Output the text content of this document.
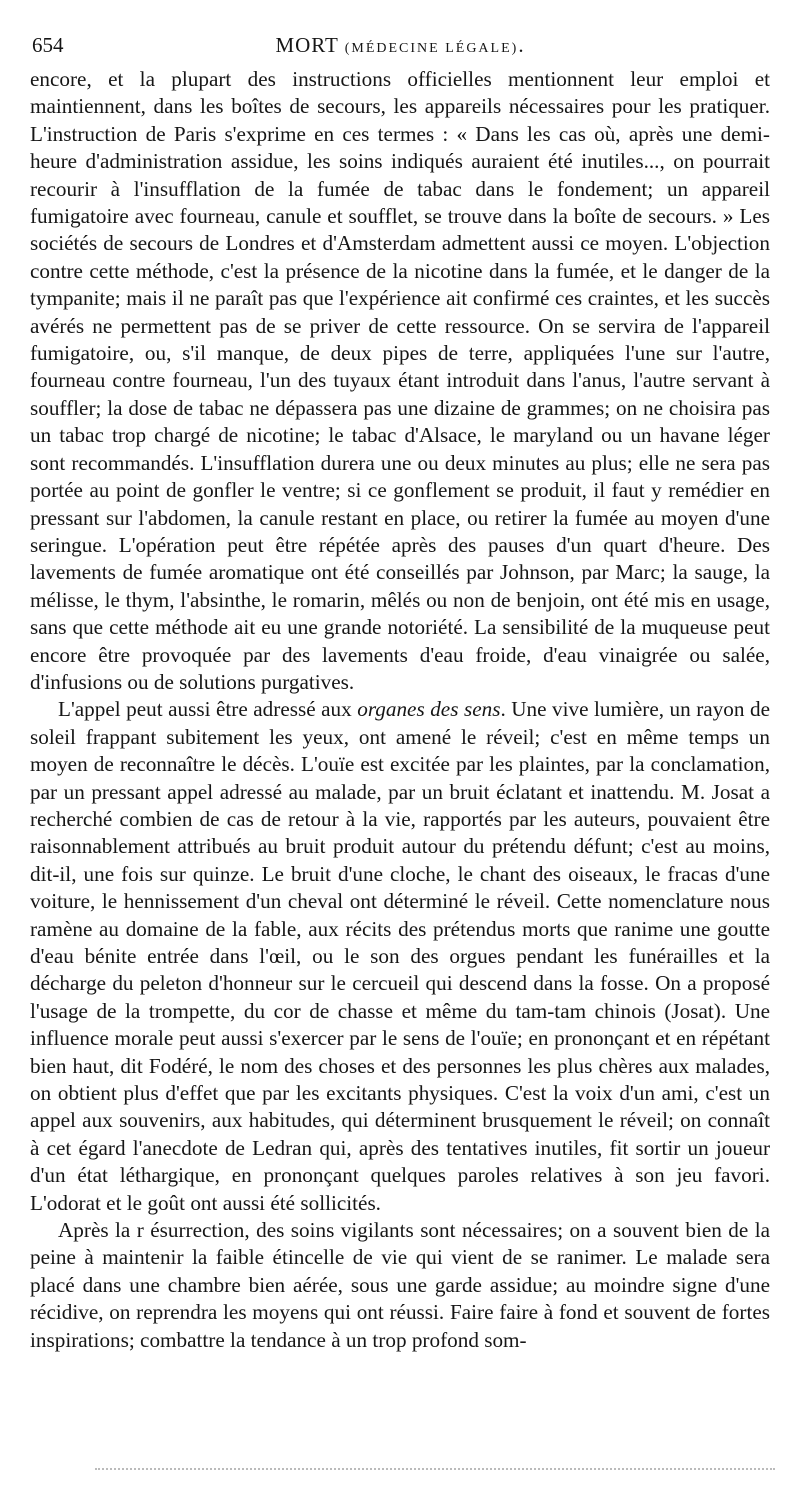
654	MORT (MÉDECINE LÉGALE).

encore, et la plupart des instructions officielles mentionnent leur emploi et maintiennent, dans les boîtes de secours, les appareils nécessaires pour les pratiquer. L'instruction de Paris s'exprime en ces termes : « Dans les cas où, après une demi-heure d'administration assidue, les soins indiqués auraient été inutiles..., on pourrait recourir à l'insufflation de la fumée de tabac dans le fondement; un appareil fumigatoire avec fourneau, canule et soufflet, se trouve dans la boîte de secours. » Les sociétés de secours de Londres et d'Amsterdam admettent aussi ce moyen. L'objection contre cette méthode, c'est la présence de la nicotine dans la fumée, et le danger de la tympanite; mais il ne paraît pas que l'expérience ait confirmé ces craintes, et les succès avérés ne permettent pas de se priver de cette ressource. On se servira de l'appareil fumigatoire, ou, s'il manque, de deux pipes de terre, appliquées l'une sur l'autre, fourneau contre fourneau, l'un des tuyaux étant introduit dans l'anus, l'autre servant à souffler; la dose de tabac ne dépassera pas une dizaine de grammes; on ne choisira pas un tabac trop chargé de nicotine; le tabac d'Alsace, le maryland ou un havane léger sont recommandés. L'insufflation durera une ou deux minutes au plus; elle ne sera pas portée au point de gonfler le ventre; si ce gonflement se produit, il faut y remédier en pressant sur l'abdomen, la canule restant en place, ou retirer la fumée au moyen d'une seringue. L'opération peut être répétée après des pauses d'un quart d'heure. Des lavements de fumée aromatique ont été conseillés par Johnson, par Marc; la sauge, la mélisse, le thym, l'absinthe, le romarin, mêlés ou non de benjoin, ont été mis en usage, sans que cette méthode ait eu une grande notoriété. La sensibilité de la muqueuse peut encore être provoquée par des lavements d'eau froide, d'eau vinaigrée ou salée, d'infusions ou de solutions purgatives.

L'appel peut aussi être adressé aux organes des sens. Une vive lumière, un rayon de soleil frappant subitement les yeux, ont amené le réveil; c'est en même temps un moyen de reconnaître le décès. L'ouïe est excitée par les plaintes, par la conclamation, par un pressant appel adressé au malade, par un bruit éclatant et inattendu. M. Josat a recherché combien de cas de retour à la vie, rapportés par les auteurs, pouvaient être raisonnablement attribués au bruit produit autour du prétendu défunt; c'est au moins, dit-il, une fois sur quinze. Le bruit d'une cloche, le chant des oiseaux, le fracas d'une voiture, le hennissement d'un cheval ont déterminé le réveil. Cette nomenclature nous ramène au domaine de la fable, aux récits des prétendus morts que ranime une goutte d'eau bénite entrée dans l'œil, ou le son des orgues pendant les funérailles et la décharge du peleton d'honneur sur le cercueil qui descend dans la fosse. On a proposé l'usage de la trompette, du cor de chasse et même du tam-tam chinois (Josat). Une influence morale peut aussi s'exercer par le sens de l'ouïe; en prononçant et en répétant bien haut, dit Fodéré, le nom des choses et des personnes les plus chères aux malades, on obtient plus d'effet que par les excitants physiques. C'est la voix d'un ami, c'est un appel aux souvenirs, aux habitudes, qui déterminent brusquement le réveil; on connaît à cet égard l'anecdote de Ledran qui, après des tentatives inutiles, fit sortir un joueur d'un état léthargique, en prononçant quelques paroles relatives à son jeu favori. L'odorat et le goût ont aussi été sollicités.

Après la r ésurrection, des soins vigilants sont nécessaires; on a souvent bien de la peine à maintenir la faible étincelle de vie qui vient de se ranimer. Le malade sera placé dans une chambre bien aérée, sous une garde assidue; au moindre signe d'une récidive, on reprendra les moyens qui ont réussi. Faire faire à fond et souvent de fortes inspirations; combattre la tendance à un trop profond som-
